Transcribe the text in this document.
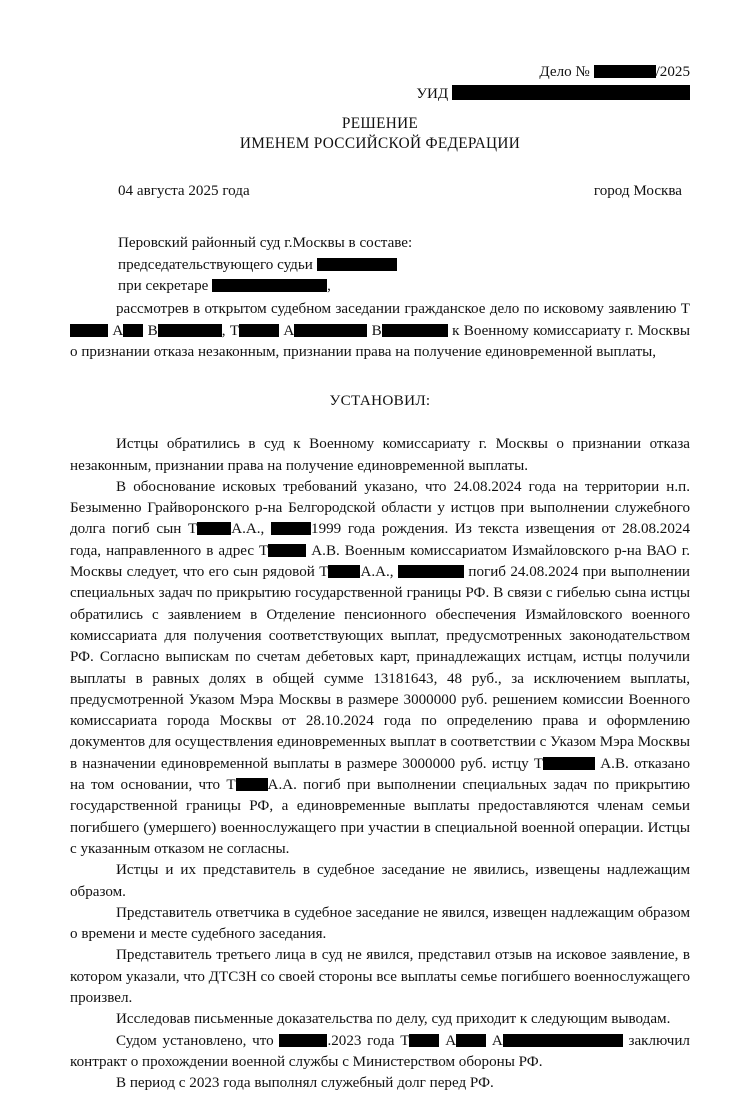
Дело №	/2025
УИД
РЕШЕНИЕ
ИМЕНЕМ РОССИЙСКОЙ ФЕДЕРАЦИИ
04 августа 2025 года	город Москва
Перовский районный суд г.Москвы в составе:
председательствующего судьи
при секретаре	,

рассмотрев в открытом судебном заседании гражданское дело по исковому заявлению Т А В	, Т	А	В	к Военному комиссариату г. Москвы о признании отказа незаконным, признании права на получение единовременной выплаты,

УСТАНОВИЛ:

Истцы обратились в суд к Военному комиссариату г. Москвы о признании отказа незаконным, признании права на получение единовременной выплаты.

В обоснование исковых требований указано, что 24.08.2024 года на территории н.п. Безыменно Грайворонского р-на Белгородской области у истцов при выполнении служебного долга погиб сын Т А.А.,	1999 года рождения. Из текста извещения от 28.08.2024 года, направленного в адрес Т	А.В. Военным комиссариатом Измайловского р-на ВАО г. Москвы следует, что его сын рядовой Т А.А.,	погиб 24.08.2024 при выполнении специальных задач по прикрытию государственной границы РФ. В связи с гибелью сына истцы обратились с заявлением в Отделение пенсионного обеспечения Измайловского военного комиссариата для получения соответствующих выплат, предусмотренных законодательством РФ. Согласно выпискам по счетам дебетовых карт, принадлежащих истцам, истцы получили выплаты в равных долях в общей сумме 13181643, 48 руб., за исключением выплаты, предусмотренной Указом Мэра Москвы в размере 3000000 руб. решением комиссии Военного комиссариата города Москвы от 28.10.2024 года по определению права и оформлению документов для осуществления единовременных выплат в соответствии с Указом Мэра Москвы в назначении единовременной выплаты в размере 3000000 руб. истцу Т	А.В. отказано на том основании, что Т А.А. погиб при выполнении специальных задач по прикрытию государственной границы РФ, а единовременные выплаты предоставляются членам семьи погибшего (умершего) военнослужащего при участии в специальной военной операции. Истцы с указанным отказом не согласны.

Истцы и их представитель в судебное заседание не явились, извещены надлежащим образом.

Представитель ответчика в судебное заседание не явился, извещен надлежащим образом о времени и месте судебного заседания.

Представитель третьего лица в суд не явился, представил отзыв на исковое заявление, в котором указали, что ДТСЗН со своей стороны все выплаты семье погибшего военнослужащего произвел.

Исследовав письменные доказательства по делу, суд приходит к следующим выводам.

Судом установлено, что	.2023 года Т А А	заключил контракт о прохождении военной службы с Министерством обороны РФ.

В период с 2023 года выполнял служебный долг перед РФ.
